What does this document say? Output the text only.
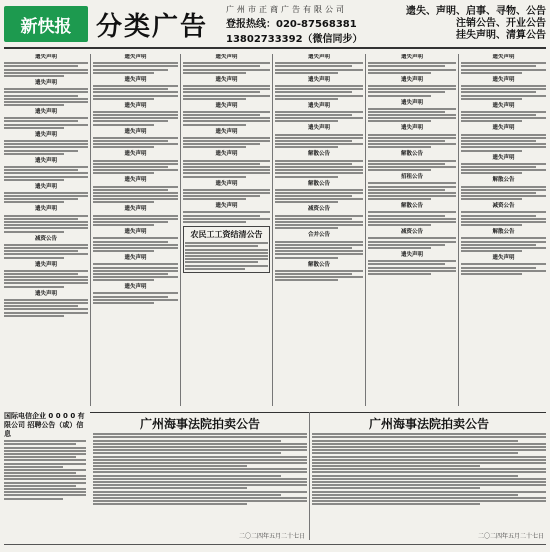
新快报 分类广告
广州市正商广告有限公司
登报热线：020-87568381
13802733392（微信同步）
遗失、声明、启事、寻物、公告
注销公告、开业公告
挂失声明、清算公告
遗失声明
遗失声明
遗失声明
遗失声明
遗失声明
遗失声明
遗失声明
减资公告
遗失声明
遗失声明
遗失声明
遗失声明
遗失声明
遗失声明
遗失声明
遗失声明
遗失声明
遗失声明
遗失声明
遗失声明
遗失声明
遗失声明
遗失声明
遗失声明
遗失声明
遗失声明
遗失声明
农民工工资结清公告
遗失声明
遗失声明
遗失声明
遗失声明
解散公告
解散公告
减资公告
合并公告
解散公告
遗失声明
遗失声明
遗失声明
遗失声明
解散公告
招租公告
解散公告
减资公告
遗失声明
遗失声明
遗失声明
遗失声明
遗失声明
遗失声明
解散公告
减资公告
解散公告
遗失声明
国际电信企业 0 0 0 0 有限公司 招聘公告（或）信息
广州海事法院拍卖公告
二〇二四年五月二十七日
广州海事法院拍卖公告
二〇二四年五月二十七日
